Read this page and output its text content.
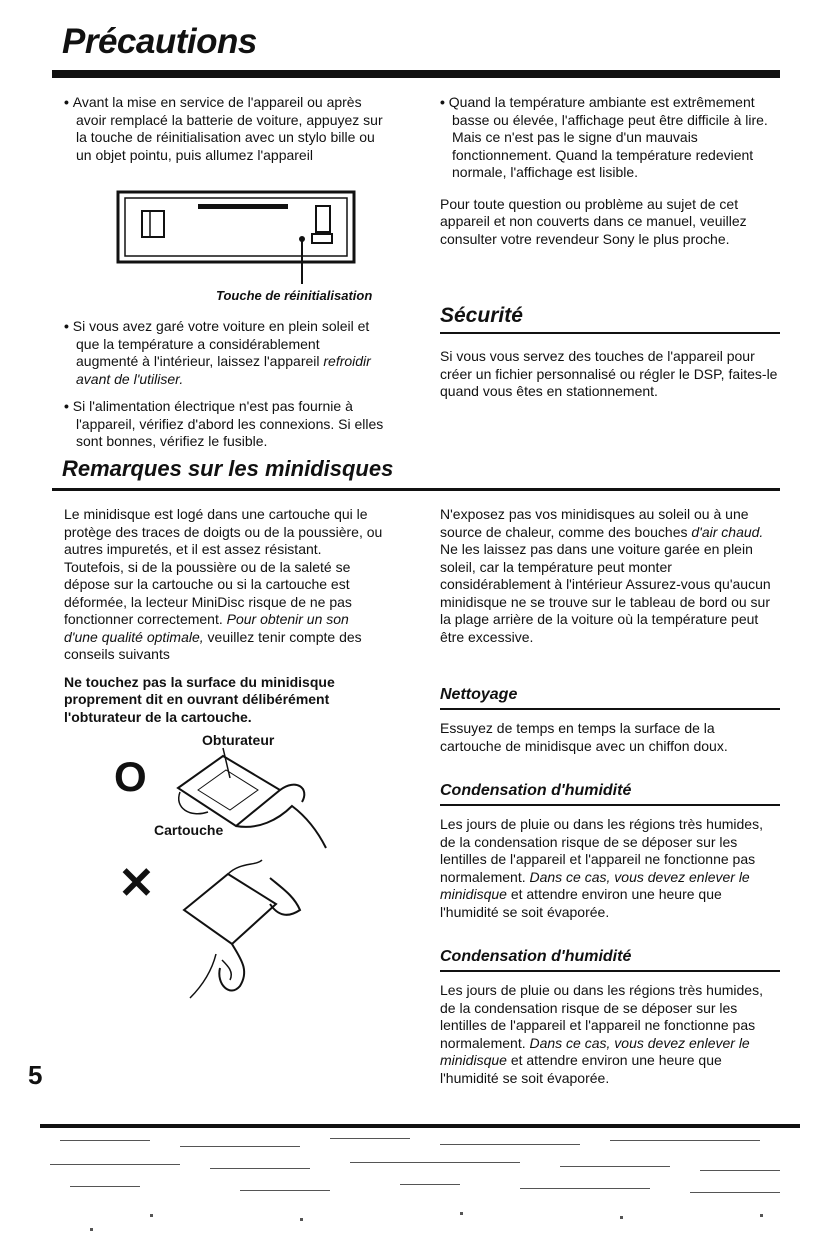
Précautions

• Avant la mise en service de l'appareil ou après avoir remplacé la batterie de voiture, appuyez sur la touche de réinitialisation avec un stylo bille ou un objet pointu, puis allumez l'appareil

Touche de réinitialisation

• Si vous avez garé votre voiture en plein soleil et que la température a considérablement augmenté à l'intérieur, laissez l'appareil refroidir avant de l'utiliser.

• Si l'alimentation électrique n'est pas fournie à l'appareil, vérifiez d'abord les connexions. Si elles sont bonnes, vérifiez le fusible.

• Quand la température ambiante est extrêmement basse ou élevée, l'affichage peut être difficile à lire. Mais ce n'est pas le signe d'un mauvais fonctionnement. Quand la température redevient normale, l'affichage est lisible.

Pour toute question ou problème au sujet de cet appareil et non couverts dans ce manuel, veuillez consulter votre revendeur Sony le plus proche.

Sécurité
Si vous vous servez des touches de l'appareil pour créer un fichier personnalisé ou régler le DSP, faites-le quand vous êtes en stationnement.
Remarques sur les minidisques

Le minidisque est logé dans une cartouche qui le protège des traces de doigts ou de la poussière, ou autres impuretés, et il est assez résistant. Toutefois, si de la poussière ou de la saleté se dépose sur la cartouche ou si la cartouche est déformée, la lecteur MiniDisc risque de ne pas fonctionner correctement. Pour obtenir un son d'une qualité optimale, veuillez tenir compte des conseils suivants

Ne touchez pas la surface du minidisque proprement dit en ouvrant délibérément l'obturateur de la cartouche.

Obturateur
O
Cartouche
✕

N'exposez pas vos minidisques au soleil ou à une source de chaleur, comme des bouches d'air chaud. Ne les laissez pas dans une voiture garée en plein soleil, car la température peut monter considérablement à l'intérieur Assurez-vous qu'aucun minidisque ne se trouve sur le tableau de bord ou sur la plage arrière de la voiture où la température peut être excessive.

Nettoyage
Essuyez de temps en temps la surface de la cartouche de minidisque avec un chiffon doux.
Condensation d'humidité
Les jours de pluie ou dans les régions très humides, de la condensation risque de se déposer sur les lentilles de l'appareil et l'appareil ne fonctionne pas normalement. Dans ce cas, vous devez enlever le minidisque et attendre environ une heure que l'humidité se soit évaporée.
Condensation d'humidité
Les jours de pluie ou dans les régions très humides, de la condensation risque de se déposer sur les lentilles de l'appareil et l'appareil ne fonctionne pas normalement. Dans ce cas, vous devez enlever le minidisque et attendre environ une heure que l'humidité se soit évaporée.
5
